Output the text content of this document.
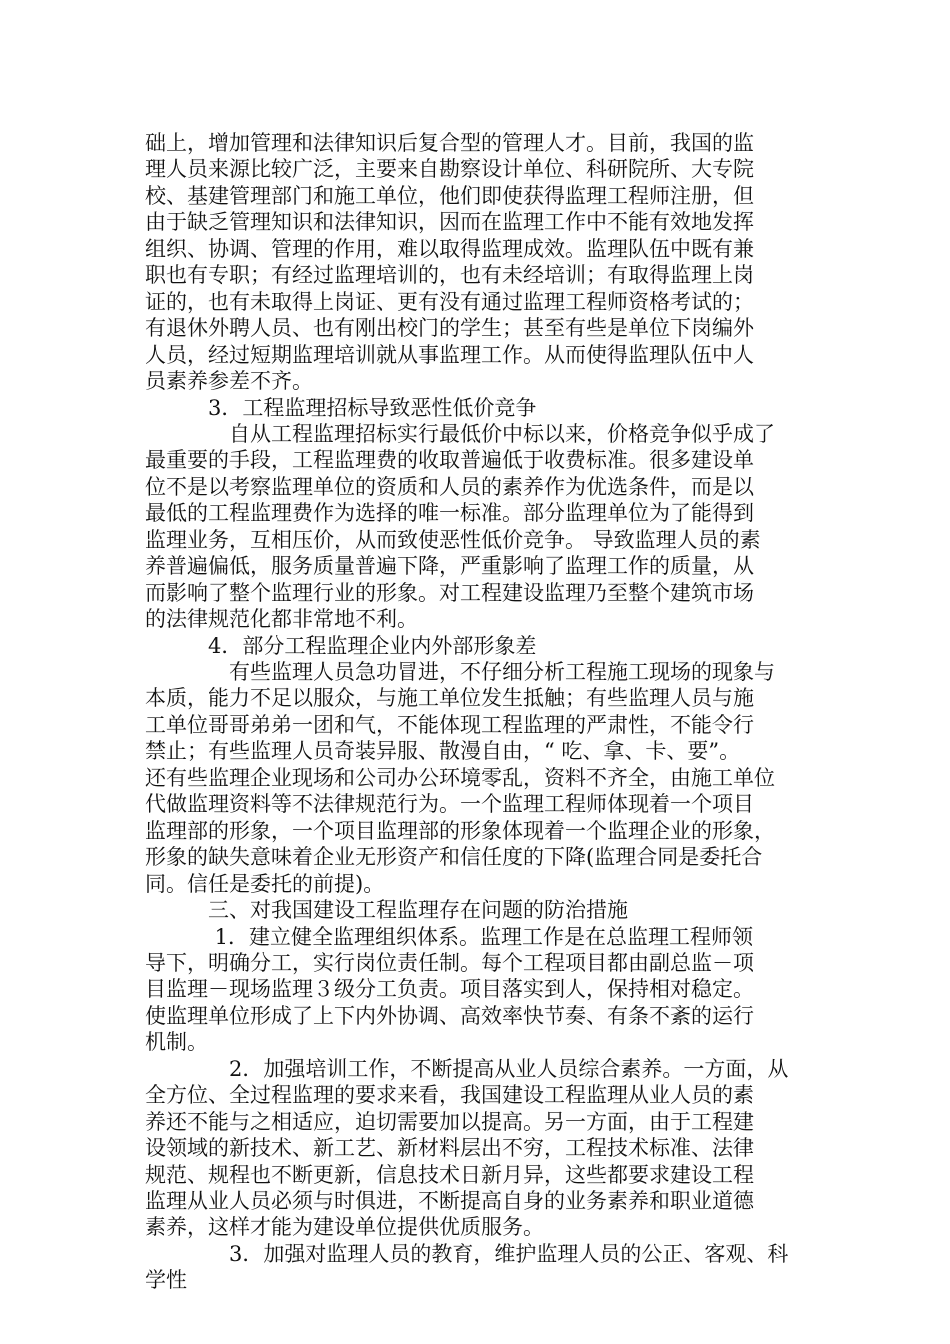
础上，增加管理和法律知识后复合型的管理人才。目前，我国的监
理人员来源比较广泛，主要来自勘察设计单位、科研院所、大专院
校、基建管理部门和施工单位，他们即使获得监理工程师注册，但
由于缺乏管理知识和法律知识，因而在监理工作中不能有效地发挥
组织、协调、管理的作用，难以取得监理成效。监理队伍中既有兼
职也有专职；有经过监理培训的，也有未经培训；有取得监理上岗
证的，也有未取得上岗证、更有没有通过监理工程师资格考试的；
有退休外聘人员、也有刚出校门的学生；甚至有些是单位下岗编外
人员，经过短期监理培训就从事监理工作。从而使得监理队伍中人
员素养参差不齐。
　　　3．工程监理招标导致恶性低价竞争
　　　　自从工程监理招标实行最低价中标以来，价格竞争似乎成了
最重要的手段，工程监理费的收取普遍低于收费标准。很多建设单
位不是以考察监理单位的资质和人员的素养作为优选条件，而是以
最低的工程监理费作为选择的唯一标准。部分监理单位为了能得到
监理业务，互相压价，从而致使恶性低价竞争。 导致监理人员的素
养普遍偏低，服务质量普遍下降，严重影响了监理工作的质量，从
而影响了整个监理行业的形象。对工程建设监理乃至整个建筑市场
的法律规范化都非常地不利。
　　　4．部分工程监理企业内外部形象差
　　　　有些监理人员急功冒进，不仔细分析工程施工现场的现象与
本质，能力不足以服众，与施工单位发生抵触；有些监理人员与施
工单位哥哥弟弟一团和气，不能体现工程监理的严肃性，不能令行
禁止；有些监理人员奇装异服、散漫自由，“ 吃、拿、卡、要”。
还有些监理企业现场和公司办公环境零乱，资料不齐全，由施工单位
代做监理资料等不法律规范行为。一个监理工程师体现着一个项目
监理部的形象，一个项目监理部的形象体现着一个监理企业的形象，
形象的缺失意味着企业无形资产和信任度的下降(监理合同是委托合
同。信任是委托的前提)。
　　　三、对我国建设工程监理存在问题的防治措施
　　　 1．建立健全监理组织体系。监理工作是在总监理工程师领
导下，明确分工，实行岗位责任制。每个工程项目都由副总监－项
目监理－现场监理３级分工负责。项目落实到人，保持相对稳定。
使监理单位形成了上下内外协调、高效率快节奏、有条不紊的运行
机制。
　　　　2．加强培训工作，不断提高从业人员综合素养。一方面，从
全方位、全过程监理的要求来看，我国建设工程监理从业人员的素
养还不能与之相适应，迫切需要加以提高。另一方面，由于工程建
设领域的新技术、新工艺、新材料层出不穷，工程技术标准、法律
规范、规程也不断更新，信息技术日新月异，这些都要求建设工程
监理从业人员必须与时俱进，不断提高自身的业务素养和职业道德
素养，这样才能为建设单位提供优质服务。
　　　　3．加强对监理人员的教育，维护监理人员的公正、客观、科
学性
